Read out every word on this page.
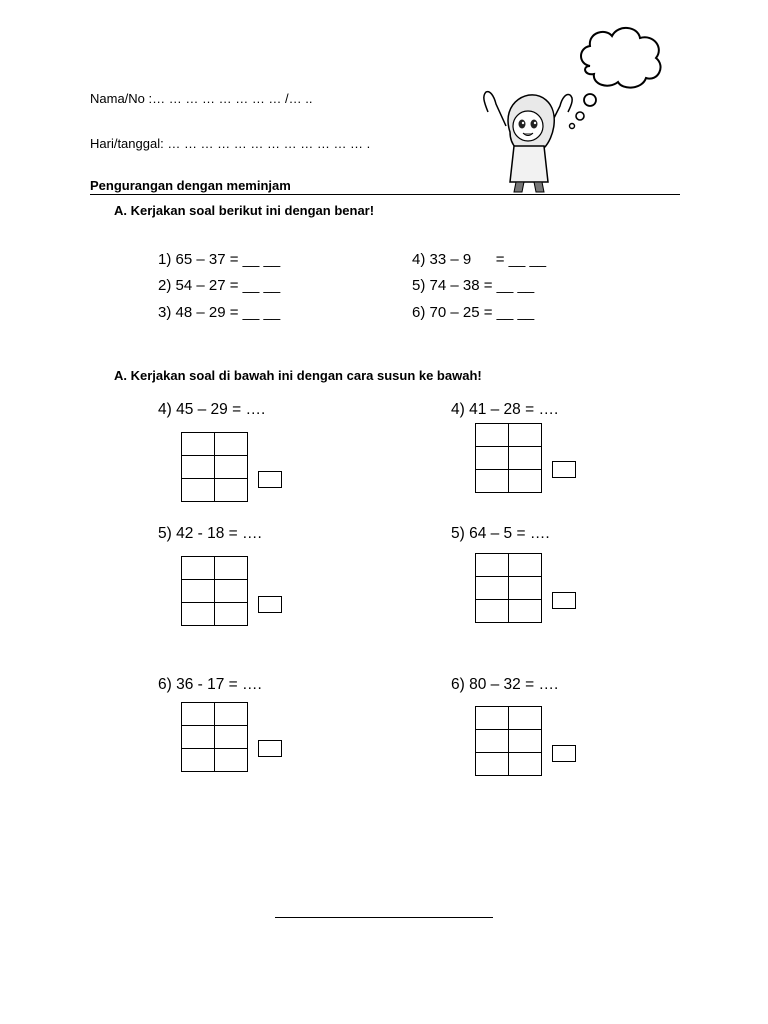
Nama/No :… … … … … … … … /… ..
Hari/tanggal: … … … … … … … … … … … … .
Pengurangan dengan meminjam
A. Kerjakan soal berikut ini dengan benar!
1) 65 – 37 = __ __
2) 54 – 27 = __ __
3) 48 – 29 = __ __
4) 33 – 9 = __ __
5) 74 – 38 = __ __
6) 70 – 25 = __ __
A. Kerjakan soal di bawah ini dengan cara susun ke bawah!
4) 45 – 29 = ….

		4) 41 – 28 = ….

5) 42 - 18 = ….

		5) 64 – 5 = ….

6) 36 - 17 = ….

		6) 80 – 32 = ….
